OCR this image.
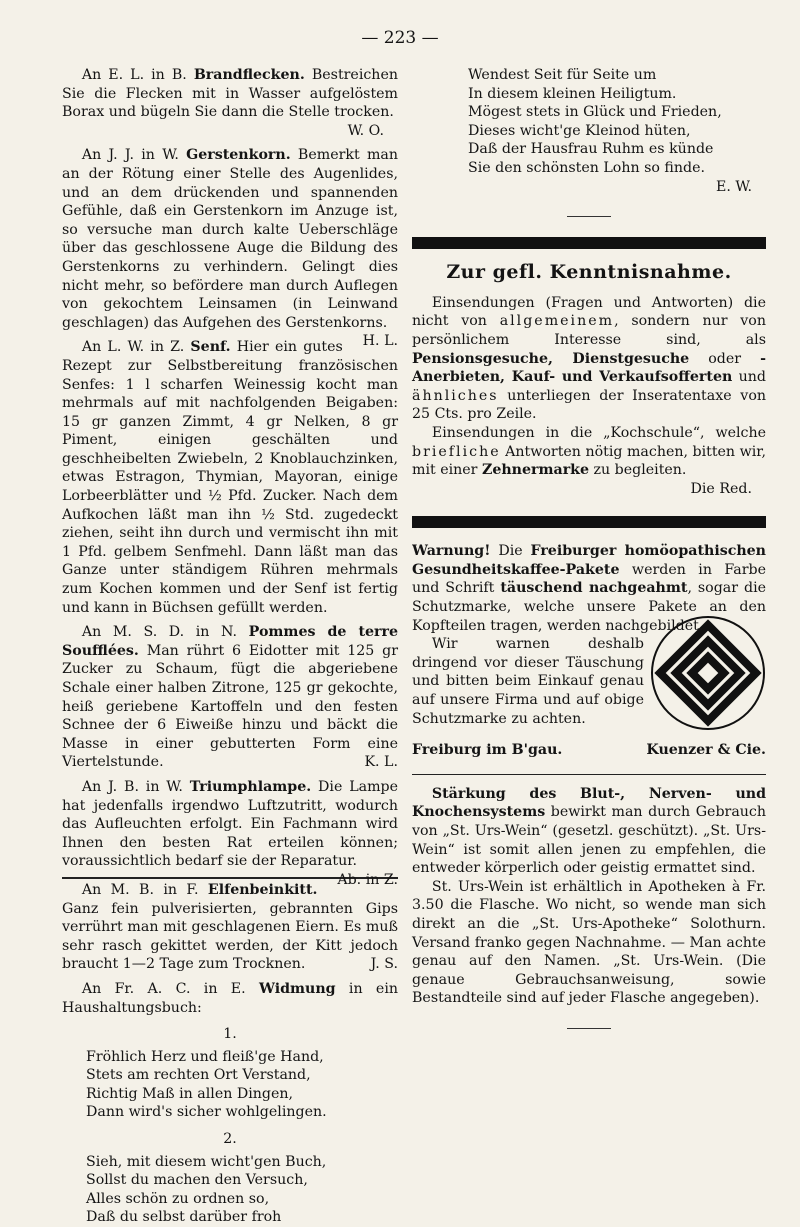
— 223 —

An E. L. in B. Brandflecken. Bestreichen Sie die Flecken mit in Wasser aufgelöstem Borax und bügeln Sie dann die Stelle trocken.

W. O.

An J. J. in W. Gerstenkorn. Bemerkt man an der Rötung einer Stelle des Augenlides, und an dem drückenden und spannenden Gefühle, daß ein Gerstenkorn im Anzuge ist, so versuche man durch kalte Ueberschläge über das geschlossene Auge die Bildung des Gerstenkorns zu verhindern. Gelingt dies nicht mehr, so befördere man durch Auflegen von gekochtem Leinsamen (in Leinwand geschlagen) das Aufgehen des Gerstenkorns.
H. L.

An L. W. in Z. Senf. Hier ein gutes Rezept zur Selbstbereitung französischen Senfes: 1 l scharfen Weinessig kocht man mehrmals auf mit nachfolgenden Beigaben: 15 gr ganzen Zimmt, 4 gr Nelken, 8 gr Piment, einigen geschälten und geschheibelten Zwiebeln, 2 Knoblauchzinken, etwas Estragon, Thymian, Mayoran, einige Lorbeerblätter und ½ Pfd. Zucker. Nach dem Aufkochen läßt man ihn ½ Std. zugedeckt ziehen, seiht ihn durch und vermischt ihn mit 1 Pfd. gelbem Senfmehl. Dann läßt man das Ganze unter ständigem Rühren mehrmals zum Kochen kommen und der Senf ist fertig und kann in Büchsen gefüllt werden.

An M. S. D. in N. Pommes de terre Soufflées. Man rührt 6 Eidotter mit 125 gr Zucker zu Schaum, fügt die abgeriebene Schale einer halben Zitrone, 125 gr gekochte, heiß geriebene Kartoffeln und den festen Schnee der 6 Eiweiße hinzu und bäckt die Masse in einer gebutterten Form eine Viertelstunde.	K. L.

An J. B. in W. Triumphlampe. Die Lampe hat jedenfalls irgendwo Luftzutritt, wodurch das Aufleuchten erfolgt. Ein Fachmann wird Ihnen den besten Rat erteilen können; voraussichtlich bedarf sie der Reparatur.
Ab. in Z.

An M. B. in F. Elfenbeinkitt. Ganz fein pulverisierten, gebrannten Gips verrührt man mit geschlagenen Eiern. Es muß sehr rasch gekittet werden, der Kitt jedoch braucht 1—2 Tage zum Trocknen.	J. S.

An Fr. A. C. in E. Widmung in ein Haushaltungsbuch:

1.
Fröhlich Herz und fleiß'ge Hand,
Stets am rechten Ort Verstand,
Richtig Maß in allen Dingen,
Dann wird's sicher wohlgelingen.
2.
Sieh, mit diesem wicht'gen Buch,
Sollst du machen den Versuch,
Alles schön zu ordnen so,
Daß du selbst darüber froh
Wendest Seit für Seite um
In diesem kleinen Heiligtum.
Mögest stets in Glück und Frieden,
Dieses wicht'ge Kleinod hüten,
Daß der Hausfrau Ruhm es künde
Sie den schönsten Lohn so finde.
E. W.
Zur gefl. Kenntnisnahme.

Einsendungen (Fragen und Antworten) die nicht von allgemeinem, sondern nur von persönlichem Interesse sind, als Pensionsgesuche, Dienstgesuche oder -Anerbieten, Kauf- und Verkaufsofferten und ähnliches unterliegen der Inseratentaxe von 25 Cts. pro Zeile.

Einsendungen in die „Kochschule“, welche briefliche Antworten nötig machen, bitten wir, mit einer Zehnermarke zu begleiten.

Die Red.

Warnung! Die Freiburger homöopathischen Gesundheitskaffee-Pakete werden in Farbe und Schrift täuschend nachgeahmt, sogar die Schutzmarke, welche unsere Pakete an den Kopfteilen tragen, werden nachgebildet.

Wir warnen deshalb dringend vor dieser Täuschung und bitten beim Einkauf genau auf unsere Firma und auf obige Schutzmarke zu achten.

Freiburg im B'gau.	Kuenzer & Cie.

Stärkung des Blut-, Nerven- und Knochensystems bewirkt man durch Gebrauch von „St. Urs-Wein“ (gesetzl. geschützt). „St. Urs-Wein“ ist somit allen jenen zu empfehlen, die entweder körperlich oder geistig ermattet sind.

St. Urs-Wein ist erhältlich in Apotheken à Fr. 3.50 die Flasche. Wo nicht, so wende man sich direkt an die „St. Urs-Apotheke“ Solothurn. Versand franko gegen Nachnahme. — Man achte genau auf den Namen. „St. Urs-Wein. (Die genaue Gebrauchsanweisung, sowie Bestandteile sind auf jeder Flasche angegeben).
